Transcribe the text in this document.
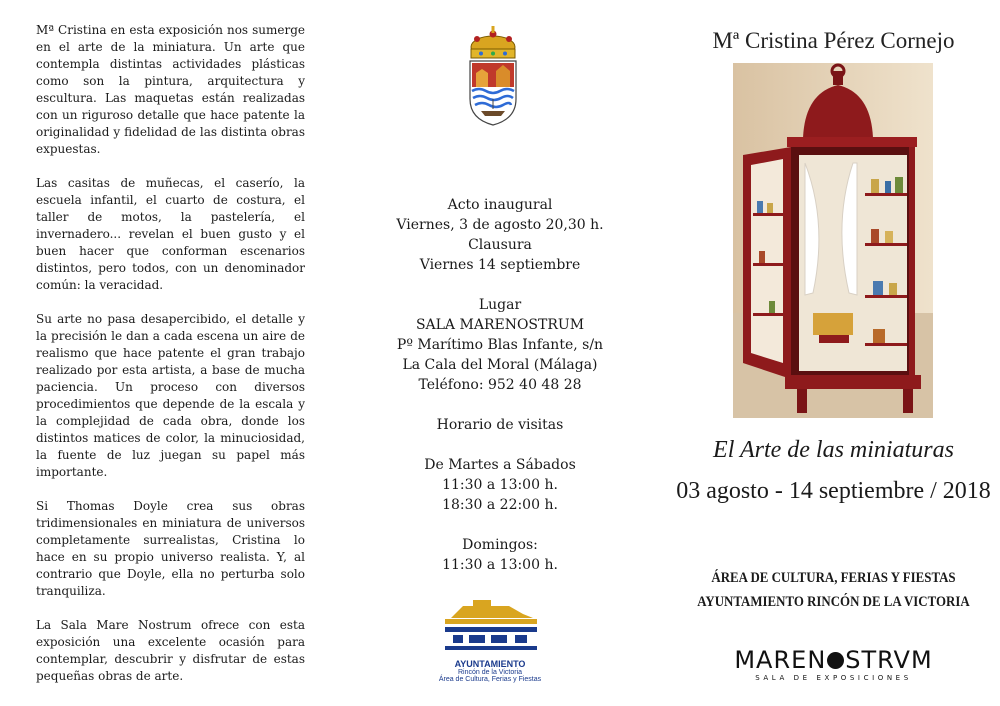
Mª Cristina en esta exposición nos sumerge en el arte de la miniatura. Un arte que contempla distintas actividades plásticas como son la pintura, arquitectura y escultura. Las maquetas están realizadas con un riguroso detalle que hace patente la originalidad y fidelidad de las distinta obras expuestas.

Las casitas de muñecas, el caserío, la escuela infantil, el cuarto de costura, el taller de motos, la pastelería, el invernadero... revelan el buen gusto y el buen hacer que conforman escenarios distintos, pero todos, con un denominador común: la veracidad.

Su arte no pasa desapercibido, el detalle y la precisión le dan a cada escena un aire de realismo que hace patente el gran trabajo realizado por esta artista, a base de mucha paciencia. Un proceso con diversos procedimientos que depende de la escala y la complejidad de cada obra, donde los distintos matices de color, la minuciosidad, la fuente de luz juegan su papel más importante.

Si Thomas Doyle crea sus obras tridimensionales en miniatura de universos completamente surrealistas, Cristina lo hace en su propio universo realista. Y, al contrario que Doyle, ella no perturba solo tranquiliza.

La Sala Mare Nostrum ofrece con esta exposición una excelente ocasión para contemplar, descubrir y disfrutar de estas pequeñas obras de arte.

Acto inaugural
Viernes, 3 de agosto 20,30 h.
Clausura
Viernes 14 septiembre
Lugar
SALA MARENOSTRUM
Pº Marítimo Blas Infante, s/n
La Cala del Moral (Málaga)
Teléfono: 952 40 48 28
Horario de visitas
De Martes a Sábados
11:30 a 13:00 h.
18:30 a 22:00 h.
Domingos:
11:30 a 13:00 h.
AYUNTAMIENTO
Rincón de la Victoria
Área de Cultura, Ferias y Fiestas
Mª Cristina Pérez Cornejo
El Arte de las miniaturas
03 agosto - 14 septiembre / 2018
ÁREA DE CULTURA, FERIAS Y FIESTAS
AYUNTAMIENTO RINCÓN DE LA VICTORIA
MAREN STRVM
SALA DE EXPOSICIONES
